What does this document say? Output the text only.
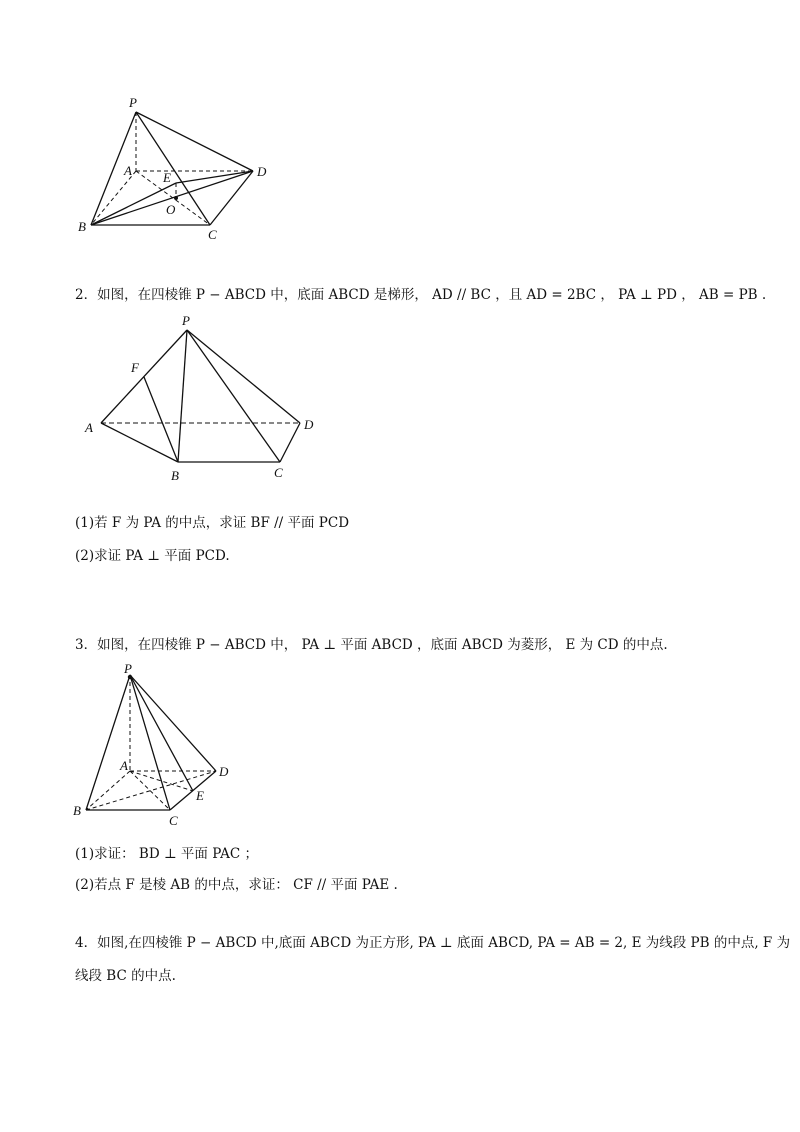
P
A E
O
D
B
C
2．如图，在四棱锥 P − ABCD 中，底面 ABCD 是梯形， AD // BC ，且 AD = 2BC ， PA ⊥ PD ， AB = PB .
P
F
A	D
B	C
(1)若 F 为 PA 的中点，求证 BF // 平面 PCD
(2)求证 PA ⊥ 平面 PCD.
3．如图，在四棱锥 P − ABCD 中， PA ⊥ 平面 ABCD ，底面 ABCD 为菱形， E 为 CD 的中点.
P
A	D
E
B
C
(1)求证： BD ⊥ 平面 PAC ；
(2)若点 F 是棱 AB 的中点，求证： CF // 平面 PAE .
4．如图,在四棱锥 P − ABCD 中,底面 ABCD 为正方形, PA ⊥ 底面 ABCD, PA = AB = 2, E 为线段 PB 的中点, F 为
线段 BC 的中点.
